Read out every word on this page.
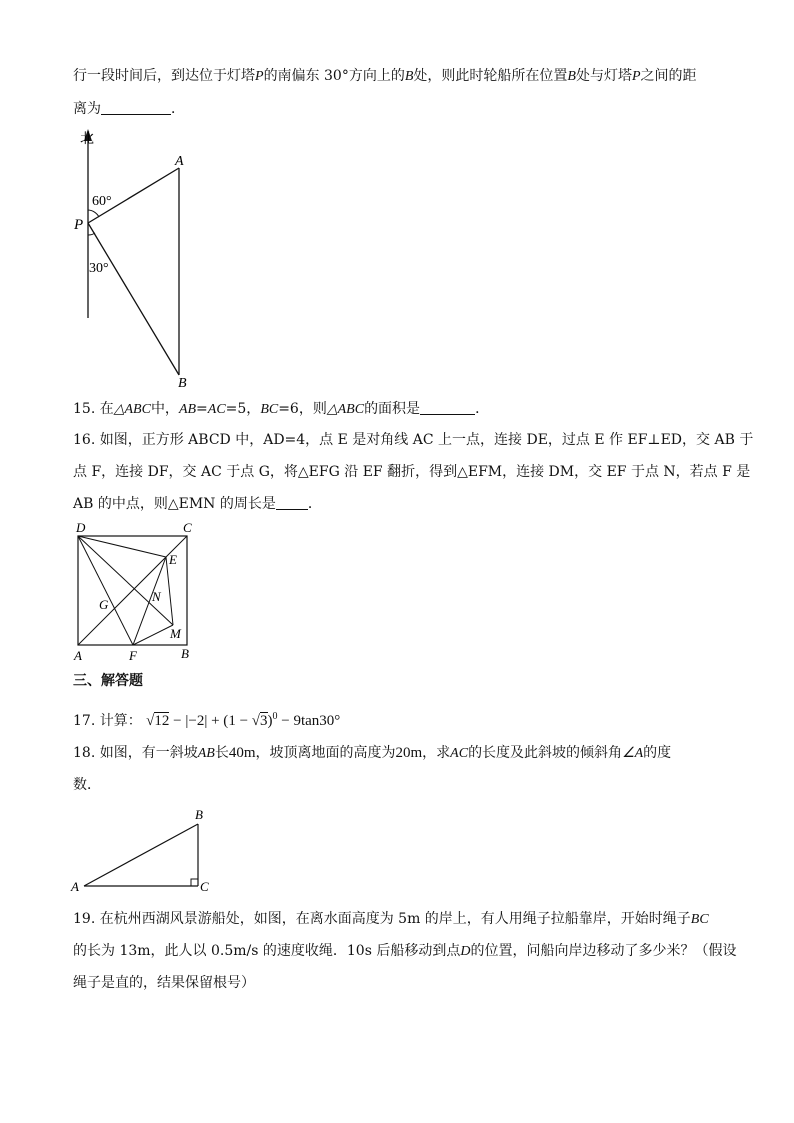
行一段时间后，到达位于灯塔P的南偏东 30°方向上的B处，则此时轮船所在位置B处与灯塔P之间的距
离为	．
北
A
P
60°
30°
B
15. 在△ABC中，AB=AC=5，BC=6，则△ABC的面积是	．
16. 如图，正方形 ABCD 中，AD=4，点 E 是对角线 AC 上一点，连接 DE，过点 E 作 EF⊥ED，交 AB 于
点 F，连接 DF，交 AC 于点 G，将△EFG 沿 EF 翻折，得到△EFM，连接 DM，交 EF 于点 N，若点 F 是
AB 的中点，则△EMN 的周长是 ．
D	C
E
G
N
M
A	F	B
三、解答题
17. 计算： $√12 - |-2| + (1 - √3)^0 - 9\tan 30^\circ$
18. 如图，有一斜坡AB长40m，坡顶离地面的高度为20m，求AC的长度及此斜坡的倾斜角∠A的度
数．
A
B
C
19. 在杭州西湖风景游船处，如图，在离水面高度为 5m 的岸上，有人用绳子拉船靠岸，开始时绳子BC
的长为 13m，此人以 0.5m/s 的速度收绳．10s 后船移动到点D的位置，问船向岸边移动了多少米？（假设
绳子是直的，结果保留根号）
